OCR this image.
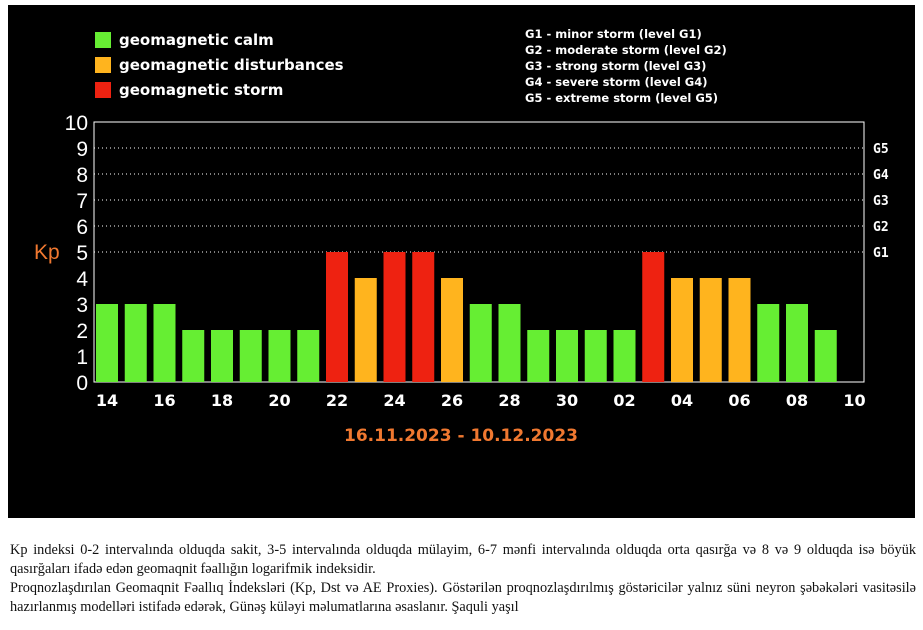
geomagnetic calm
geomagnetic disturbances
geomagnetic storm
G1 - minor storm (level G1)
G2 - moderate storm (level G2)
G3 - strong storm (level G3)
G4 - severe storm (level G4)
G5 - extreme storm (level G5)
G1
G2
G3
G4
G5
0
1
2
3
4
5
6
7
8
9
10
Kp
14 16 18 20 22 24 26 28 30 02 04 06 08 10
16.11.2023 - 10.12.2023

Kp indeksi 0-2 intervalında olduqda sakit, 3-5 intervalında olduqda mülayim, 6-7 mənfi intervalında olduqda orta qasırğa və 8 və 9 olduqda isə böyük qasırğaları ifadə edən geomaqnit fəallığın logarifmik indeksidir.

Proqnozlaşdırılan Geomaqnit Fəallıq İndeksləri (Kp, Dst və AE Proxies). Göstərilən proqnozlaşdırılmış göstəricilər yalnız süni neyron şəbəkələri vasitəsilə hazırlanmış modelləri istifadə edərək, Günəş küləyi məlumatlarına əsaslanır. Şaquli yaşıl
